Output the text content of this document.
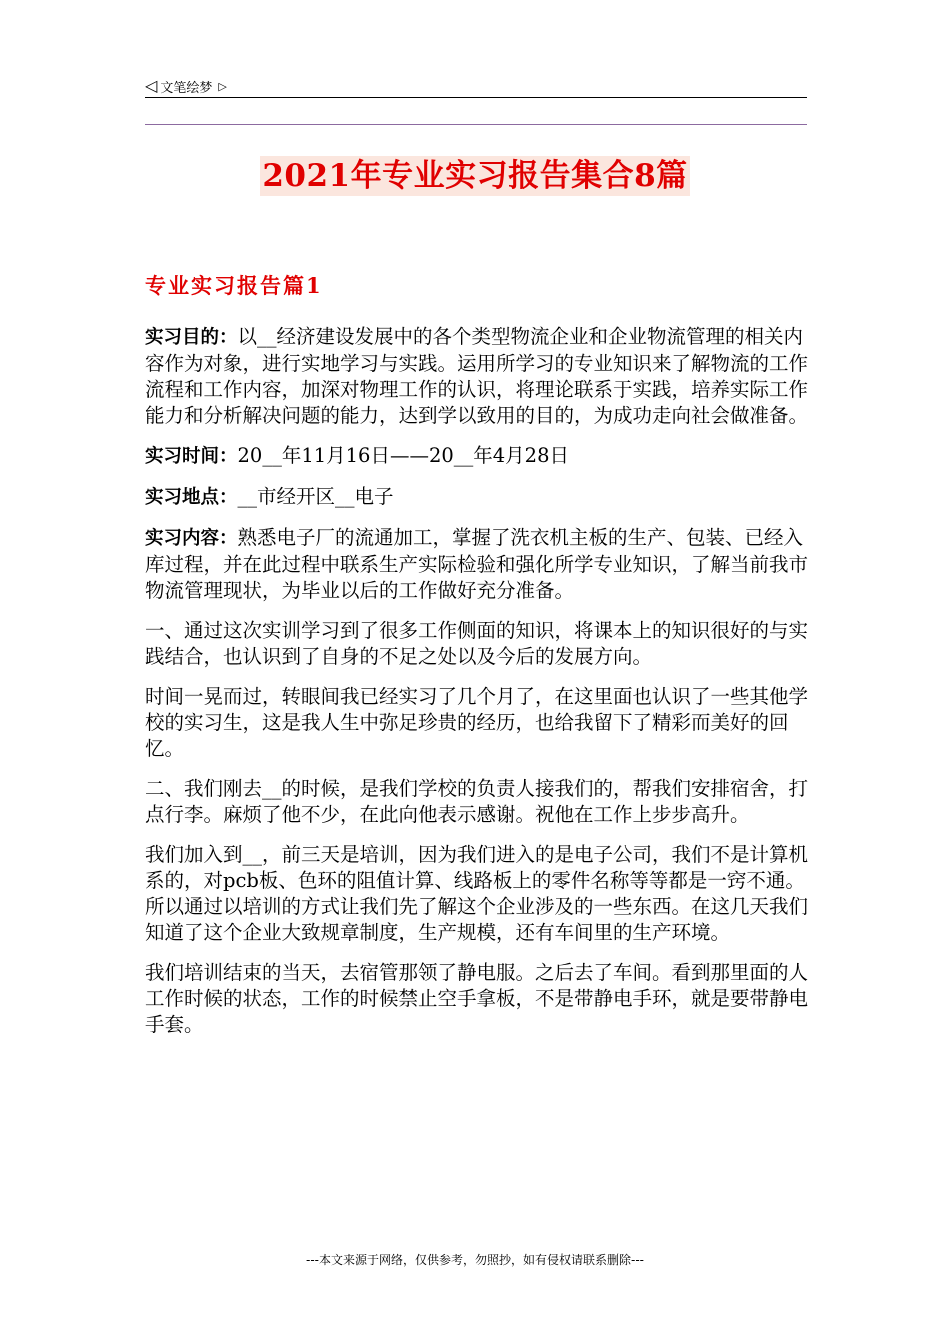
◁ 文笔绘梦 ▷
2021年专业实习报告集合8篇
专业实习报告篇1

实习目的：以__经济建设发展中的各个类型物流企业和企业物流管理的相关内容作为对象，进行实地学习与实践。运用所学习的专业知识来了解物流的工作流程和工作内容，加深对物理工作的认识，将理论联系于实践，培养实际工作能力和分析解决问题的能力，达到学以致用的目的，为成功走向社会做准备。

实习时间：20__年11月16日——20__年4月28日

实习地点：__市经开区__电子

实习内容：熟悉电子厂的流通加工，掌握了洗衣机主板的生产、包装、已经入库过程，并在此过程中联系生产实际检验和强化所学专业知识，了解当前我市物流管理现状，为毕业以后的工作做好充分准备。

一、通过这次实训学习到了很多工作侧面的知识，将课本上的知识很好的与实践结合，也认识到了自身的不足之处以及今后的发展方向。

时间一晃而过，转眼间我已经实习了几个月了，在这里面也认识了一些其他学校的实习生，这是我人生中弥足珍贵的经历，也给我留下了精彩而美好的回忆。

二、我们刚去__的时候，是我们学校的负责人接我们的，帮我们安排宿舍，打点行李。麻烦了他不少，在此向他表示感谢。祝他在工作上步步高升。

我们加入到__，前三天是培训，因为我们进入的是电子公司，我们不是计算机系的，对pcb板、色环的阻值计算、线路板上的零件名称等等都是一窍不通。所以通过以培训的方式让我们先了解这个企业涉及的一些东西。在这几天我们知道了这个企业大致规章制度，生产规模，还有车间里的生产环境。

我们培训结束的当天，去宿管那领了静电服。之后去了车间。看到那里面的人工作时候的状态，工作的时候禁止空手拿板，不是带静电手环，就是要带静电手套。

---本文来源于网络，仅供参考，勿照抄，如有侵权请联系删除---
